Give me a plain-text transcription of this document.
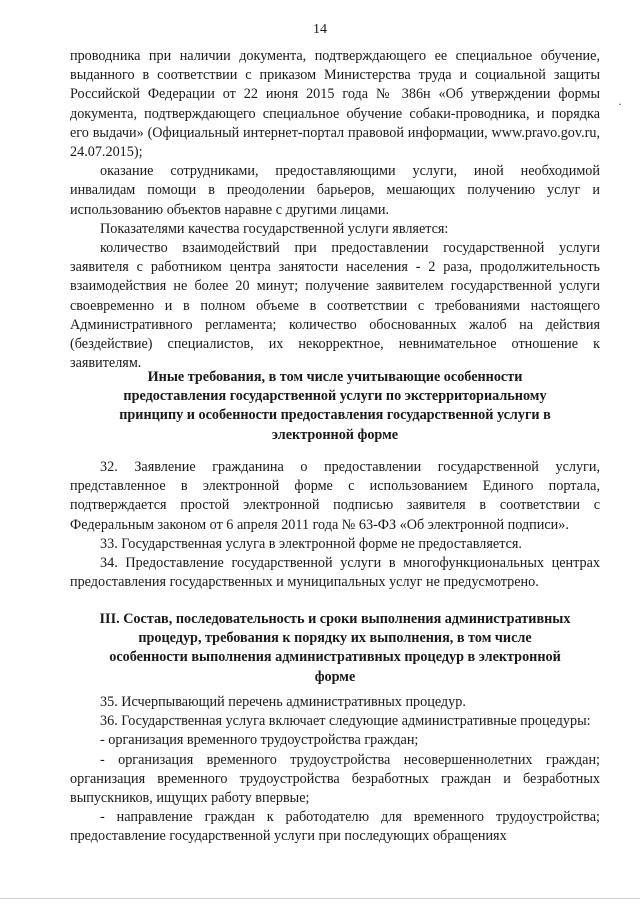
14
·

проводника при наличии документа, подтверждающего ее специальное обучение, выданного в соответствии с приказом Министерства труда и социальной защиты Российской Федерации от 22 июня 2015 года № 386н «Об утверждении формы документа, подтверждающего специальное обучение собаки-проводника, и порядка его выдачи» (Официальный интернет-портал правовой информации, www.pravo.gov.ru, 24.07.2015);

оказание сотрудниками, предоставляющими услуги, иной необходимой инвалидам помощи в преодолении барьеров, мешающих получению услуг и использованию объектов наравне с другими лицами.

Показателями качества государственной услуги является:

количество взаимодействий при предоставлении государственной услуги заявителя с работником центра занятости населения - 2 раза, продолжительность взаимодействия не более 20 минут; получение заявителем государственной услуги своевременно и в полном объеме в соответствии с требованиями настоящего Административного регламента; количество обоснованных жалоб на действия (бездействие) специалистов, их некорректное, невнимательное отношение к заявителям.

Иные требования, в том числе учитывающие особенности
предоставления государственной услуги по экстерриториальному
принципу и особенности предоставления государственной услуги в
электронной форме

32. Заявление гражданина о предоставлении государственной услуги, представленное в электронной форме с использованием Единого портала, подтверждается простой электронной подписью заявителя в соответствии с Федеральным законом от 6 апреля 2011 года № 63-ФЗ «Об электронной подписи».

33. Государственная услуга в электронной форме не предоставляется.

34. Предоставление государственной услуги в многофункциональных центрах предоставления государственных и муниципальных услуг не предусмотрено.

III. Состав, последовательность и сроки выполнения административных
процедур, требования к порядку их выполнения, в том числе
особенности выполнения административных процедур в электронной
форме

35. Исчерпывающий перечень административных процедур.

36. Государственная услуга включает следующие административные процедуры:

- организация временного трудоустройства граждан;

- организация временного трудоустройства несовершеннолетних граждан; организация временного трудоустройства безработных граждан и безработных выпускников, ищущих работу впервые;

- направление граждан к работодателю для временного трудоустройства; предоставление государственной услуги при последующих обращениях
